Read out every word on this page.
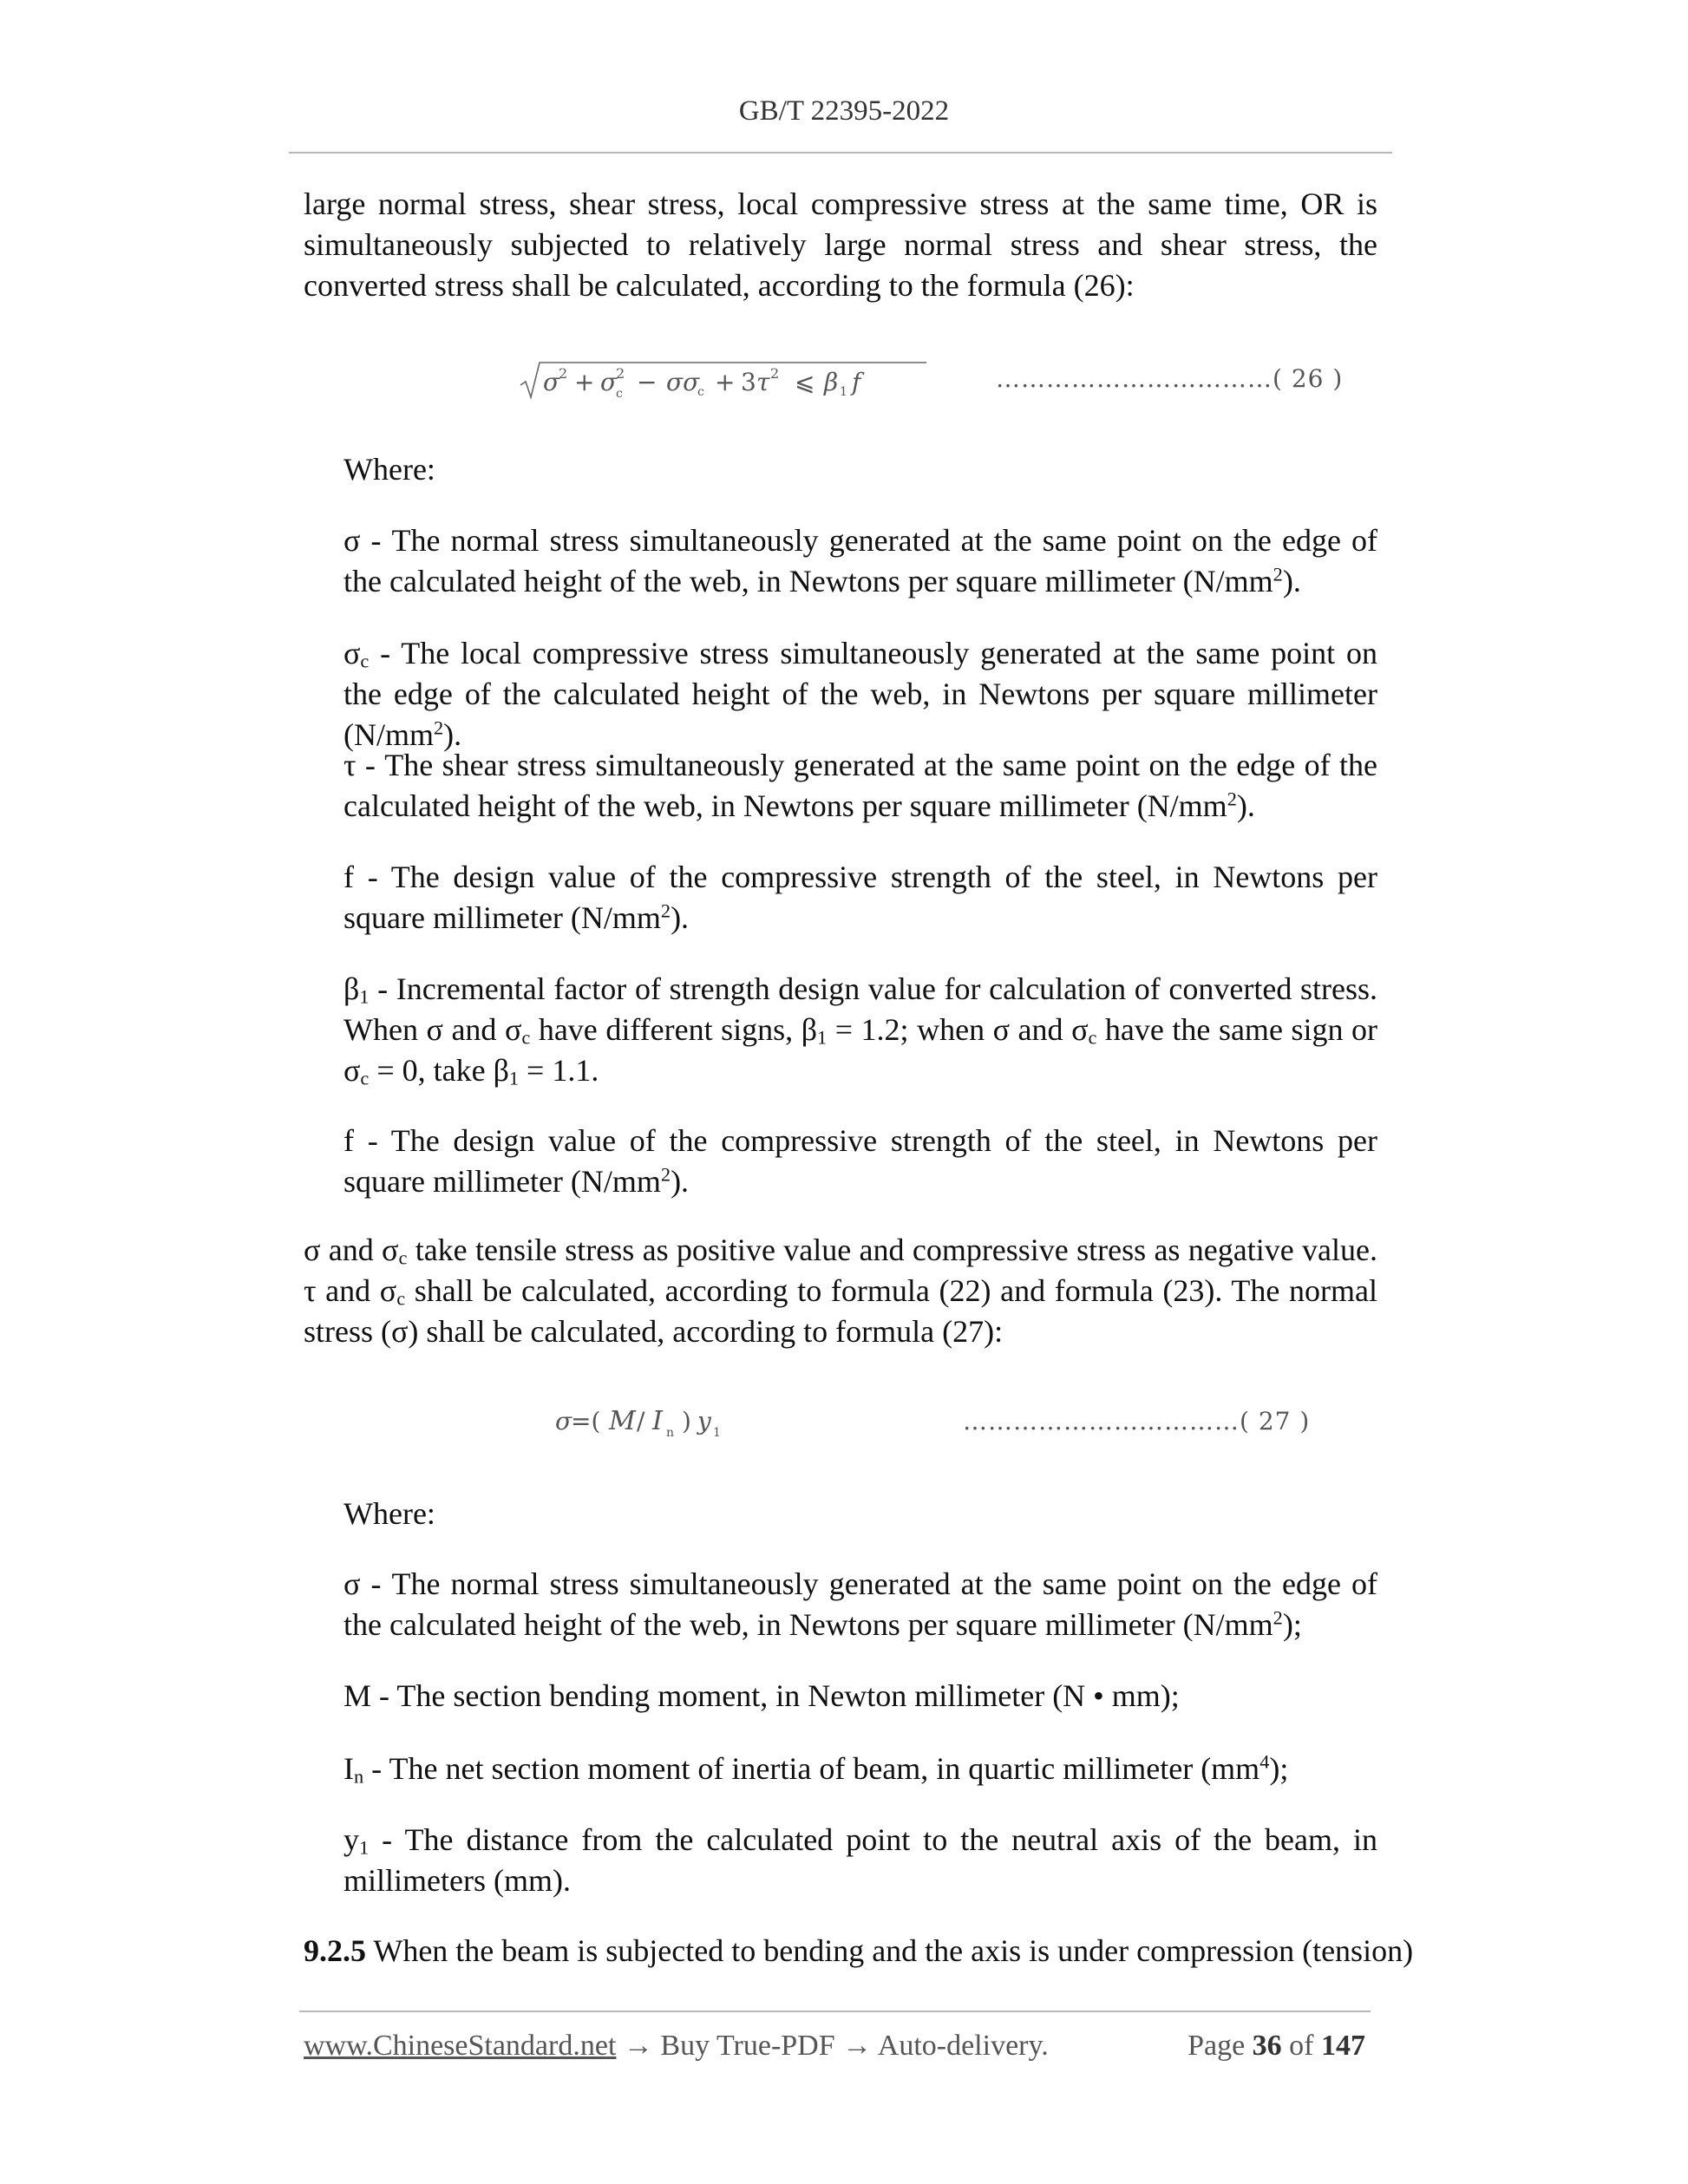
GB/T 22395-2022
large normal stress, shear stress, local compressive stress at the same time, OR is simultaneously subjected to relatively large normal stress and shear stress, the converted stress shall be calculated, according to the formula (26):
σ
2 + σ
2
c − σσ
c + 3 τ 2 ⩽ β 1 f	……………………………( 26 )
Where:
σ - The normal stress simultaneously generated at the same point on the edge of the calculated height of the web, in Newtons per square millimeter $(N/mm^2)$.
$\sigma_c$ - The local compressive stress simultaneously generated at the same point on the edge of the calculated height of the web, in Newtons per square millimeter $(N/mm^2)$.
τ - The shear stress simultaneously generated at the same point on the edge of the calculated height of the web, in Newtons per square millimeter $(N/mm^2)$.
f - The design value of the compressive strength of the steel, in Newtons per square millimeter $(N/mm^2)$.
$\beta_1$ - Incremental factor of strength design value for calculation of converted stress. When σ and $\sigma_c$ have different signs, $\beta_1 = 1.2$; when σ and $\sigma_c$ have the same sign or $\sigma_c = 0$, take $\beta_1 = 1.1$.
f - The design value of the compressive strength of the steel, in Newtons per square millimeter $(N/mm^2)$.
σ and $\sigma_c$ take tensile stress as positive value and compressive stress as negative value. τ and $\sigma_c$ shall be calculated, according to formula (22) and formula (23). The normal stress (σ) shall be calculated, according to formula (27):
σ
=( M / I n ) y 1	……………………………( 27 )
Where:
σ - The normal stress simultaneously generated at the same point on the edge of the calculated height of the web, in Newtons per square millimeter $(N/mm^2)$;
M - The section bending moment, in Newton millimeter (N • mm);
$I_n$ - The net section moment of inertia of beam, in quartic millimeter $(mm^4)$;
$y_1$ - The distance from the calculated point to the neutral axis of the beam, in millimeters (mm).
9.2.5 When the beam is subjected to bending and the axis is under compression (tension)
www.ChineseStandard.net → Buy True-PDF → Auto-delivery.	Page 36 of 147
